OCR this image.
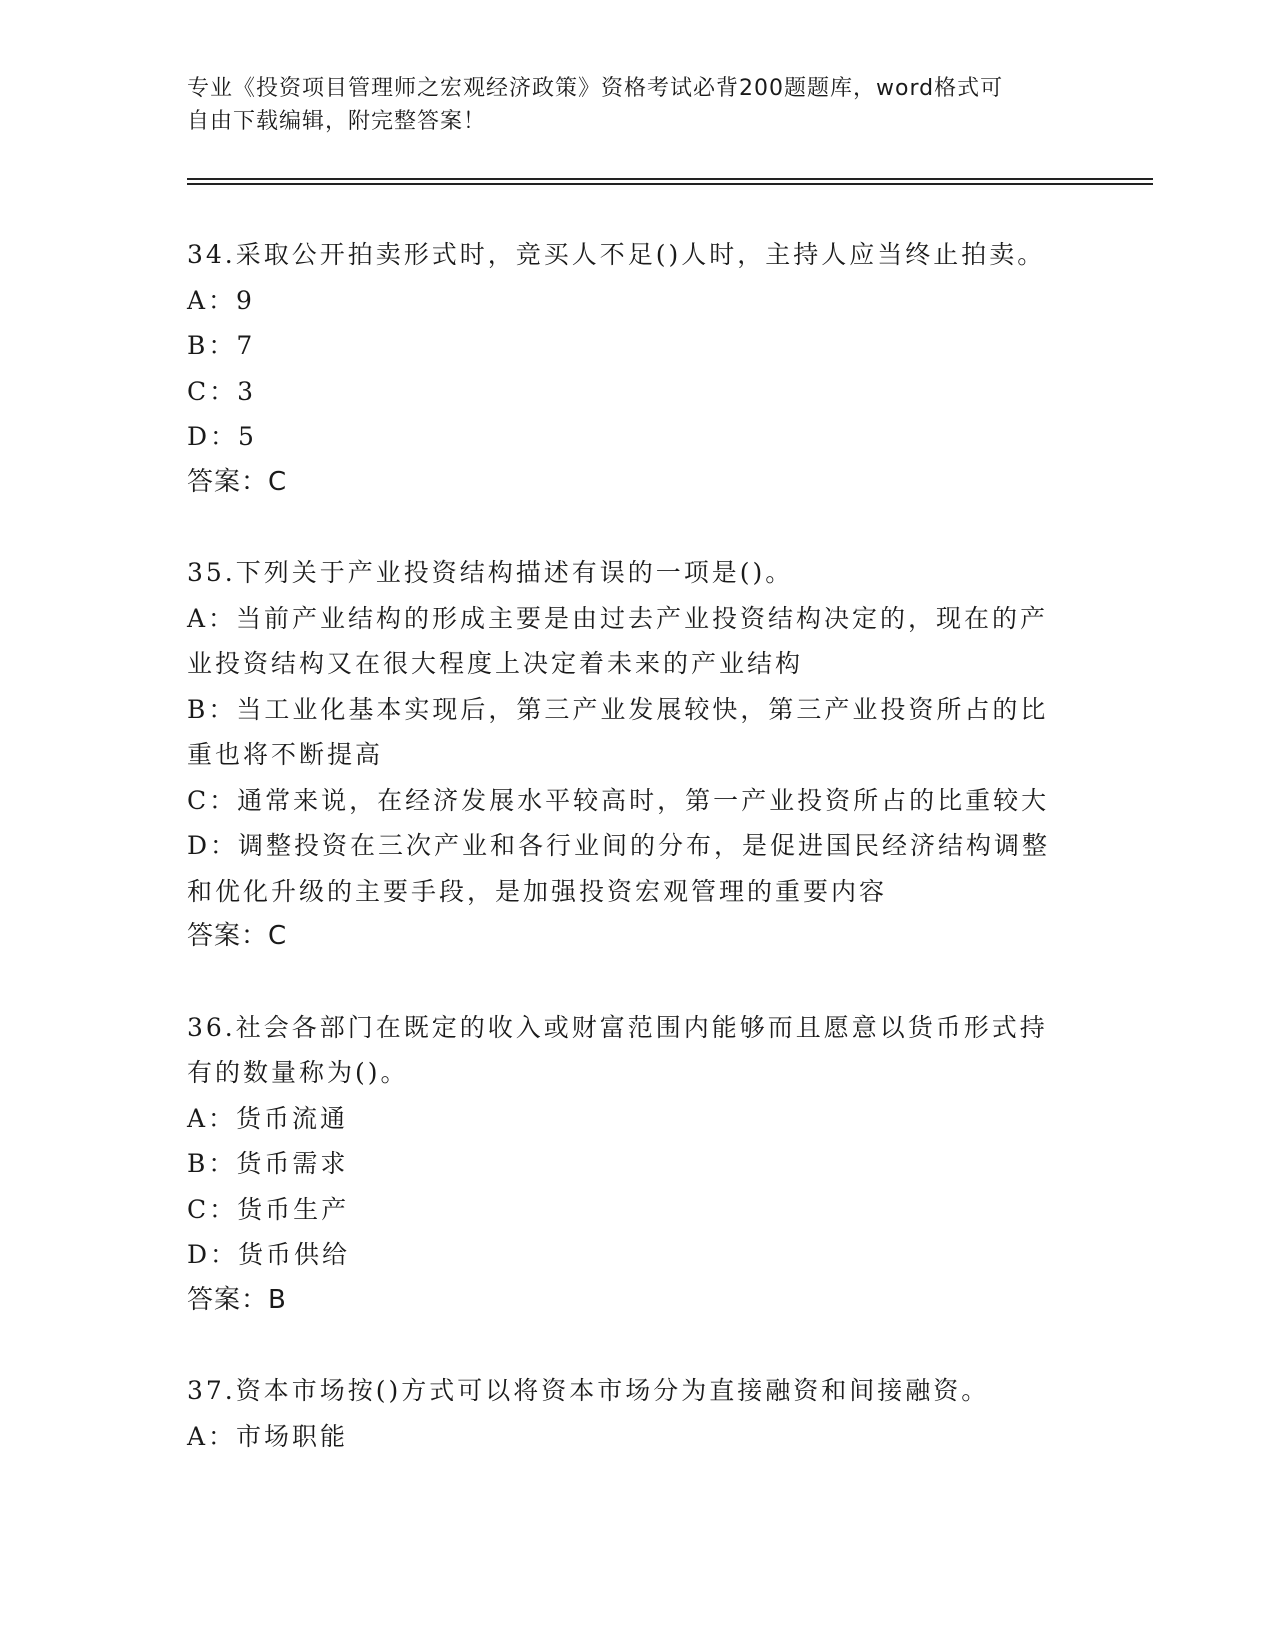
专业《投资项目管理师之宏观经济政策》资格考试必背200题题库，word格式可
自由下载编辑，附完整答案！
34.采取公开拍卖形式时，竞买人不足()人时，主持人应当终止拍卖。
A：9
B：7
C：3
D：5
答案：C
35.下列关于产业投资结构描述有误的一项是()。
A：当前产业结构的形成主要是由过去产业投资结构决定的，现在的产
业投资结构又在很大程度上决定着未来的产业结构
B：当工业化基本实现后，第三产业发展较快，第三产业投资所占的比
重也将不断提高
C：通常来说，在经济发展水平较高时，第一产业投资所占的比重较大
D：调整投资在三次产业和各行业间的分布，是促进国民经济结构调整
和优化升级的主要手段，是加强投资宏观管理的重要内容
答案：C
36.社会各部门在既定的收入或财富范围内能够而且愿意以货币形式持
有的数量称为()。
A：货币流通
B：货币需求
C：货币生产
D：货币供给
答案：B
37.资本市场按()方式可以将资本市场分为直接融资和间接融资。
A：市场职能
